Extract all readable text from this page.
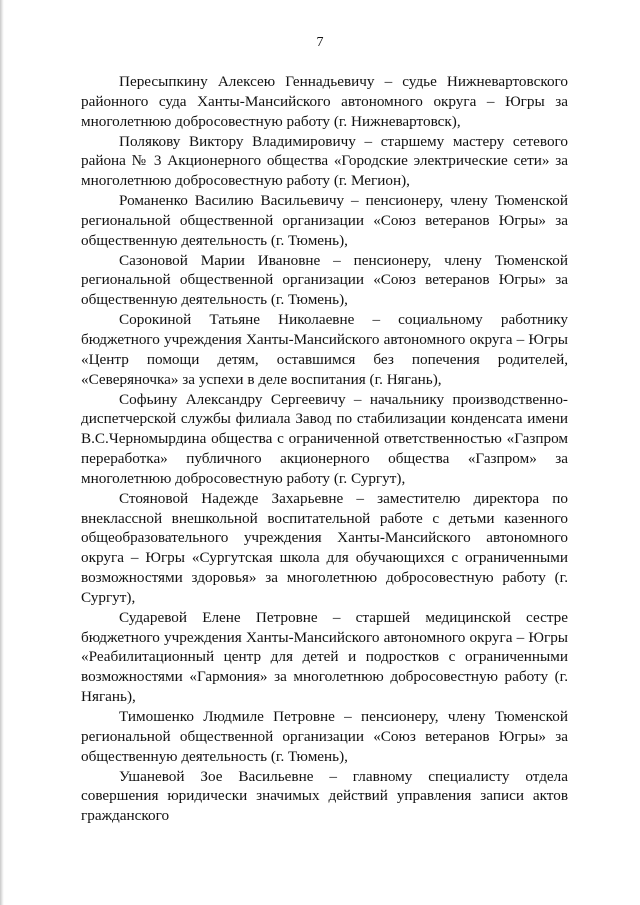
7

Пересыпкину Алексею Геннадьевичу – судье Нижневартовского районного суда Ханты-Мансийского автономного округа – Югры за многолетнюю добросовестную работу (г. Нижневартовск),

Полякову Виктору Владимировичу – старшему мастеру сетевого района № 3 Акционерного общества «Городские электрические сети» за многолетнюю добросовестную работу (г. Мегион),

Романенко Василию Васильевичу – пенсионеру, члену Тюменской региональной общественной организации «Союз ветеранов Югры» за общественную деятельность (г. Тюмень),

Сазоновой Марии Ивановне – пенсионеру, члену Тюменской региональной общественной организации «Союз ветеранов Югры» за общественную деятельность (г. Тюмень),

Сорокиной Татьяне Николаевне – социальному работнику бюджетного учреждения Ханты-Мансийского автономного округа – Югры «Центр помощи детям, оставшимся без попечения родителей, «Северяночка» за успехи в деле воспитания (г. Нягань),

Софьину Александру Сергеевичу – начальнику производственно-диспетчерской службы филиала Завод по стабилизации конденсата имени В.С.Черномырдина общества с ограниченной ответственностью «Газпром переработка» публичного акционерного общества «Газпром» за многолетнюю добросовестную работу (г. Сургут),

Стояновой Надежде Захарьевне – заместителю директора по внеклассной внешкольной воспитательной работе с детьми казенного общеобразовательного учреждения Ханты-Мансийского автономного округа – Югры «Сургутская школа для обучающихся с ограниченными возможностями здоровья» за многолетнюю добросовестную работу (г. Сургут),

Сударевой Елене Петровне – старшей медицинской сестре бюджетного учреждения Ханты-Мансийского автономного округа – Югры «Реабилитационный центр для детей и подростков с ограниченными возможностями «Гармония» за многолетнюю добросовестную работу (г. Нягань),

Тимошенко Людмиле Петровне – пенсионеру, члену Тюменской региональной общественной организации «Союз ветеранов Югры» за общественную деятельность (г. Тюмень),

Ушаневой Зое Васильевне – главному специалисту отдела совершения юридически значимых действий управления записи актов гражданского
